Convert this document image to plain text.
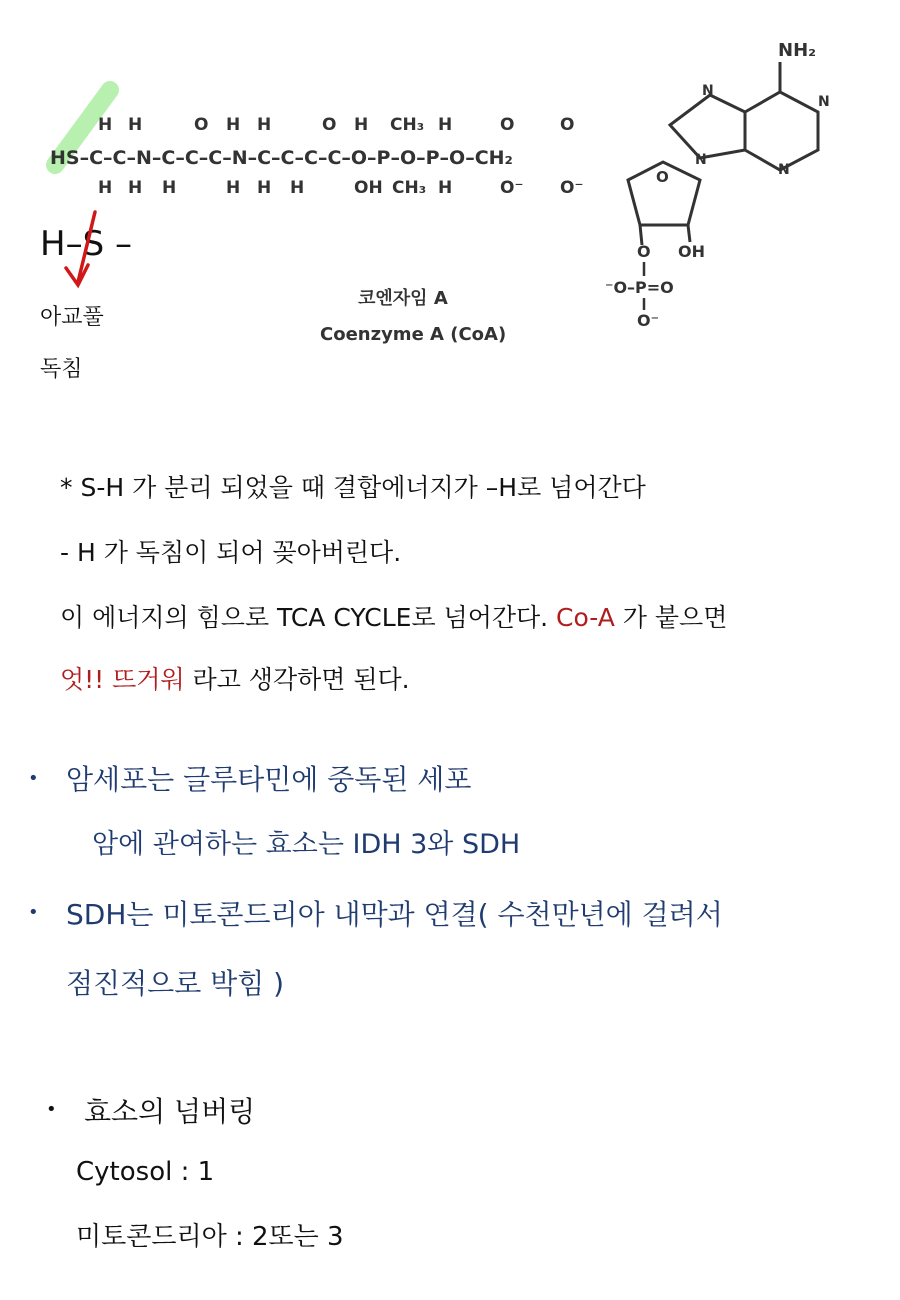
HS–C–C–N–C–C–C–N–C–C–C–C–O–P–O–P–O–CH₂
H H	O H H	O H CH₃ H	O	O
H H H	H H H	OH CH₃ H	O⁻ O⁻
O
O OH
⁻O–P=O
O⁻
N
N
N
N
NH₂
코엔자임 A
Coenzyme A (CoA)
H–S –
아교풀
독침
* S-H 가 분리 되었을 때 결합에너지가 –H로 넘어간다
- H 가 독침이 되어 꽂아버린다.
이 에너지의 힘으로 TCA CYCLE로 넘어간다. Co-A 가 붙으면
엇!! 뜨거워 라고 생각하면 된다.
• 암세포는 글루타민에 중독된 세포
암에 관여하는 효소는 IDH 3와 SDH
• SDH는 미토콘드리아 내막과 연결( 수천만년에 걸려서
점진적으로 박힘 )
• 효소의 넘버링
Cytosol : 1
미토콘드리아 : 2또는 3
